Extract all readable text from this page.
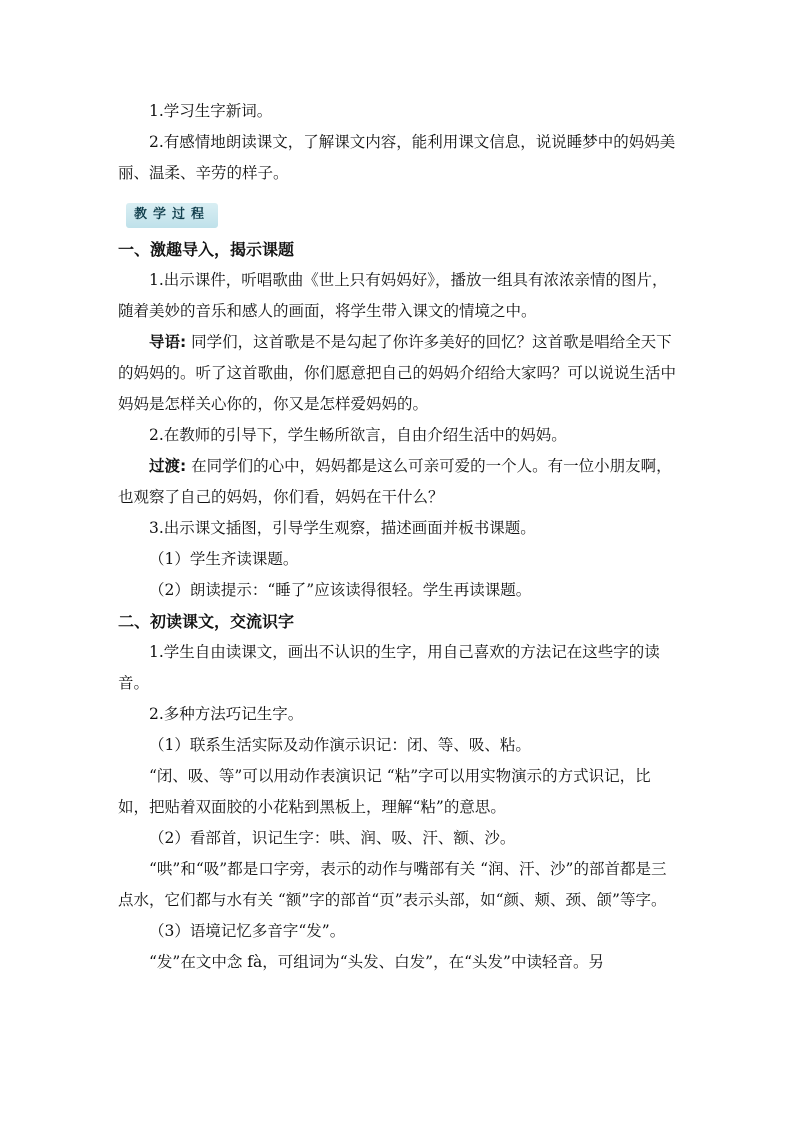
1.学习生字新词。

2.有感情地朗读课文，了解课文内容，能利用课文信息，说说睡梦中的妈妈美丽、温柔、辛劳的样子。

教学过程

一、激趣导入，揭示课题

1.出示课件，听唱歌曲《世上只有妈妈好》，播放一组具有浓浓亲情的图片，随着美妙的音乐和感人的画面，将学生带入课文的情境之中。

导语: 同学们，这首歌是不是勾起了你许多美好的回忆？这首歌是唱给全天下的妈妈的。听了这首歌曲，你们愿意把自己的妈妈介绍给大家吗？可以说说生活中妈妈是怎样关心你的，你又是怎样爱妈妈的。

2.在教师的引导下，学生畅所欲言，自由介绍生活中的妈妈。

过渡: 在同学们的心中，妈妈都是这么可亲可爱的一个人。有一位小朋友啊，也观察了自己的妈妈，你们看，妈妈在干什么？

3.出示课文插图，引导学生观察，描述画面并板书课题。

（1）学生齐读课题。

（2）朗读提示：“睡了”应该读得很轻。学生再读课题。

二、初读课文，交流识字

1.学生自由读课文，画出不认识的生字，用自己喜欢的方法记在这些字的读音。

2.多种方法巧记生字。

（1）联系生活实际及动作演示识记：闭、等、吸、粘。

“闭、吸、等”可以用动作表演识记 “粘”字可以用实物演示的方式识记，比如，把贴着双面胶的小花粘到黑板上，理解“粘”的意思。

（2）看部首，识记生字：哄、润、吸、汗、额、沙。

“哄”和“吸”都是口字旁，表示的动作与嘴部有关 “润、汗、沙”的部首都是三点水，它们都与水有关 “额”字的部首“页”表示头部，如“颜、颊、颈、颌”等字。

（3）语境记忆多音字“发”。

“发”在文中念 fà，可组词为“头发、白发”，在“头发”中读轻音。另
